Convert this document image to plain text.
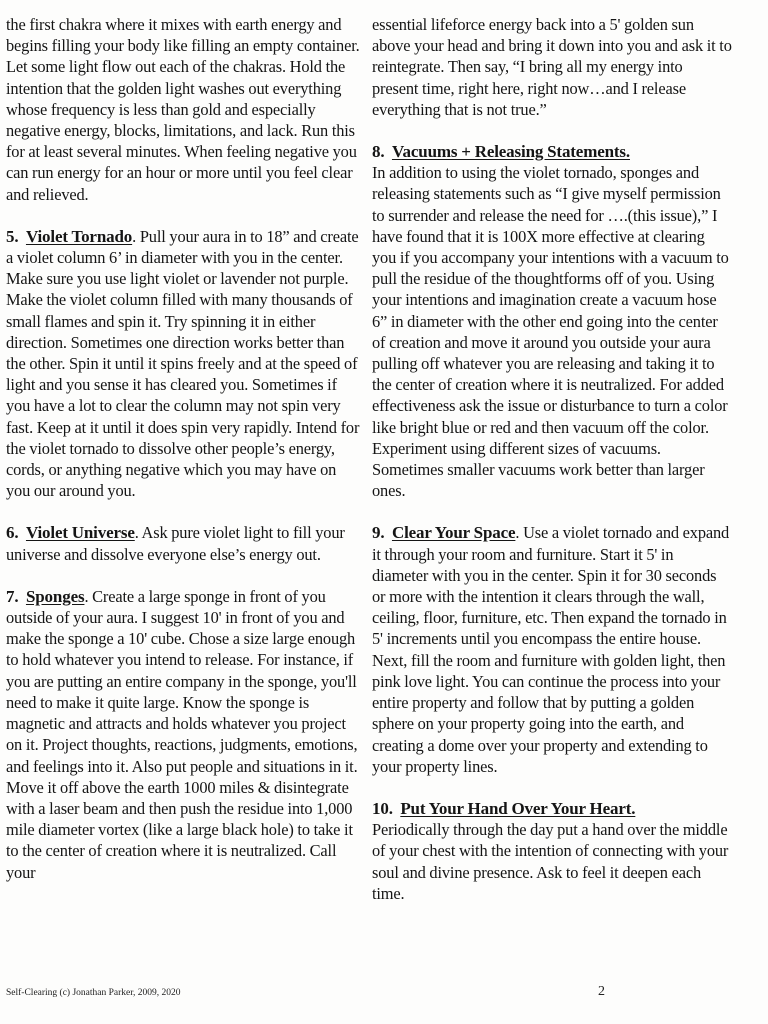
the first chakra where it mixes with earth energy and begins filling your body like filling an empty container. Let some light flow out each of the chakras. Hold the intention that the golden light washes out everything whose frequency is less than gold and especially negative energy, blocks, limitations, and lack. Run this for at least several minutes. When feeling negative you can run energy for an hour or more until you feel clear and relieved.

5. Violet Tornado. Pull your aura in to 18” and create a violet column 6’ in diameter with you in the center. Make sure you use light violet or lavender not purple. Make the violet column filled with many thousands of small flames and spin it. Try spinning it in either direction. Sometimes one direction works better than the other. Spin it until it spins freely and at the speed of light and you sense it has cleared you. Sometimes if you have a lot to clear the column may not spin very fast. Keep at it until it does spin very rapidly. Intend for the violet tornado to dissolve other people’s energy, cords, or anything negative which you may have on you our around you.

6. Violet Universe. Ask pure violet light to fill your universe and dissolve everyone else’s energy out.

7. Sponges. Create a large sponge in front of you outside of your aura. I suggest 10' in front of you and make the sponge a 10' cube. Chose a size large enough to hold whatever you intend to release. For instance, if you are putting an entire company in the sponge, you'll need to make it quite large. Know the sponge is magnetic and attracts and holds whatever you project on it. Project thoughts, reactions, judgments, emotions, and feelings into it. Also put people and situations in it. Move it off above the earth 1000 miles & disintegrate with a laser beam and then push the residue into 1,000 mile diameter vortex (like a large black hole) to take it to the center of creation where it is neutralized. Call your

essential lifeforce energy back into a 5' golden sun above your head and bring it down into you and ask it to reintegrate. Then say, “I bring all my energy into present time, right here, right now…and I release everything that is not true.”

8. Vacuums + Releasing Statements.
In addition to using the violet tornado, sponges and releasing statements such as “I give myself permission to surrender and release the need for ….(this issue),” I have found that it is 100X more effective at clearing you if you accompany your intentions with a vacuum to pull the residue of the thoughtforms off of you. Using your intentions and imagination create a vacuum hose 6” in diameter with the other end going into the center of creation and move it around you outside your aura pulling off whatever you are releasing and taking it to the center of creation where it is neutralized. For added effectiveness ask the issue or disturbance to turn a color like bright blue or red and then vacuum off the color. Experiment using different sizes of vacuums. Sometimes smaller vacuums work better than larger ones.

9. Clear Your Space. Use a violet tornado and expand it through your room and furniture. Start it 5' in diameter with you in the center. Spin it for 30 seconds or more with the intention it clears through the wall, ceiling, floor, furniture, etc. Then expand the tornado in 5' increments until you encompass the entire house. Next, fill the room and furniture with golden light, then pink love light. You can continue the process into your entire property and follow that by putting a golden sphere on your property going into the earth, and creating a dome over your property and extending to your property lines.

10. Put Your Hand Over Your Heart.
Periodically through the day put a hand over the middle of your chest with the intention of connecting with your soul and divine presence. Ask to feel it deepen each time.

Self-Clearing (c) Jonathan Parker, 2009, 2020	2
